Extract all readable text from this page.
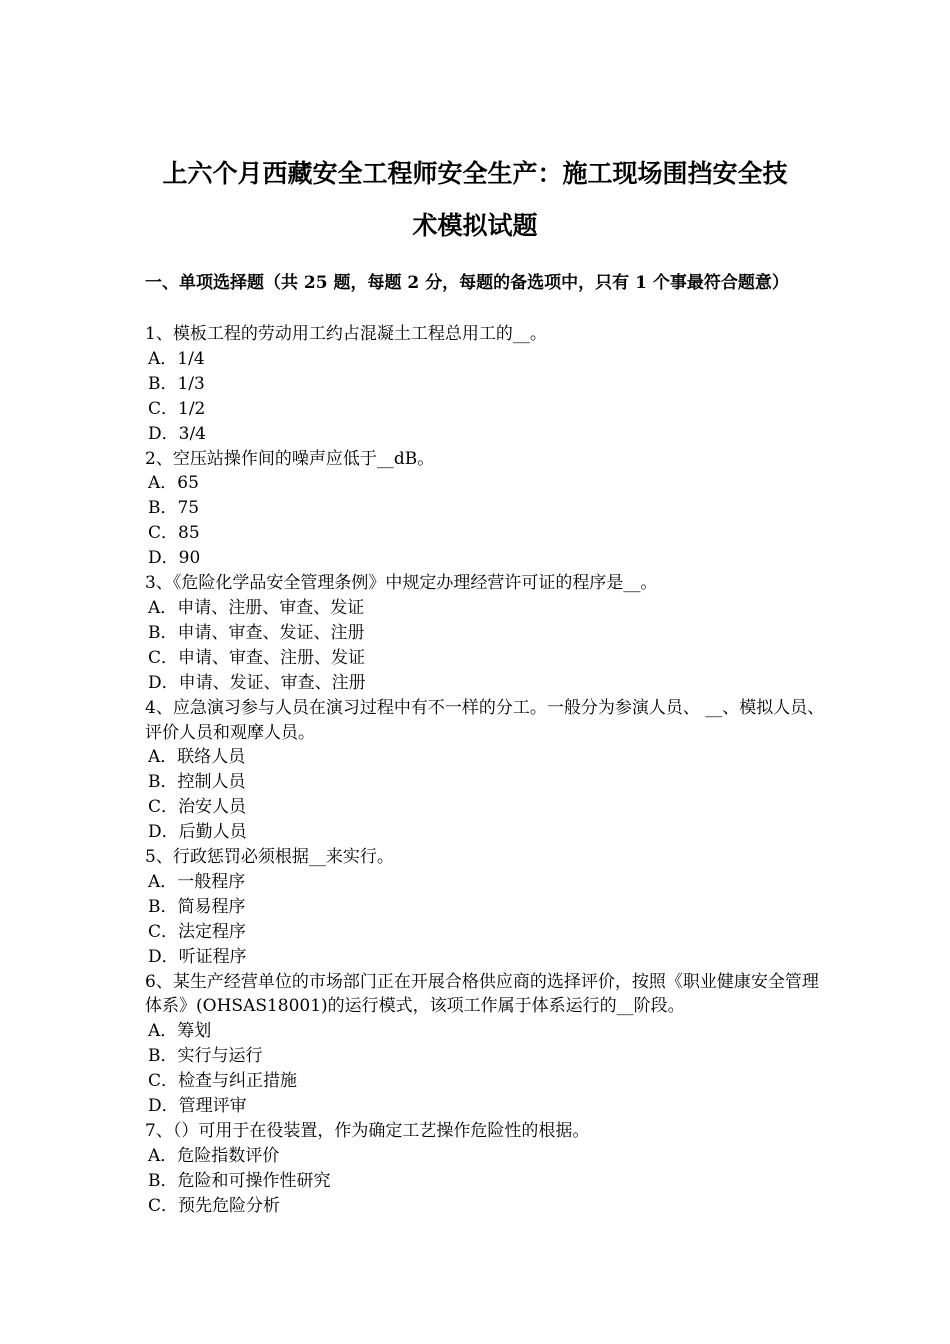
上六个月西藏安全工程师安全生产：施工现场围挡安全技
术模拟试题
一、单项选择题（共 25 题，每题 2 分，每题的备选项中，只有 1 个事最符合题意）

1、模板工程的劳动用工约占混凝土工程总用工的__。

A．1/4

B．1/3

C．1/2

D．3/4

2、空压站操作间的噪声应低于__dB。

A．65

B．75

C．85

D．90

3、《危险化学品安全管理条例》中规定办理经营许可证的程序是__。

A．申请、注册、审查、发证

B．申请、审查、发证、注册

C．申请、审查、注册、发证

D．申请、发证、审查、注册

4、应急演习参与人员在演习过程中有不一样的分工。一般分为参演人员、 __、模拟人员、评价人员和观摩人员。

A．联络人员

B．控制人员

C．治安人员

D．后勤人员

5、行政惩罚必须根据__来实行。

A．一般程序

B．简易程序

C．法定程序

D．听证程序

6、某生产经营单位的市场部门正在开展合格供应商的选择评价，按照《职业健康安全管理体系》(OHSAS18001)的运行模式，该项工作属于体系运行的__阶段。

A．筹划

B．实行与运行

C．检查与纠正措施

D．管理评审

7、（）可用于在役装置，作为确定工艺操作危险性的根据。

A．危险指数评价

B．危险和可操作性研究

C．预先危险分析
